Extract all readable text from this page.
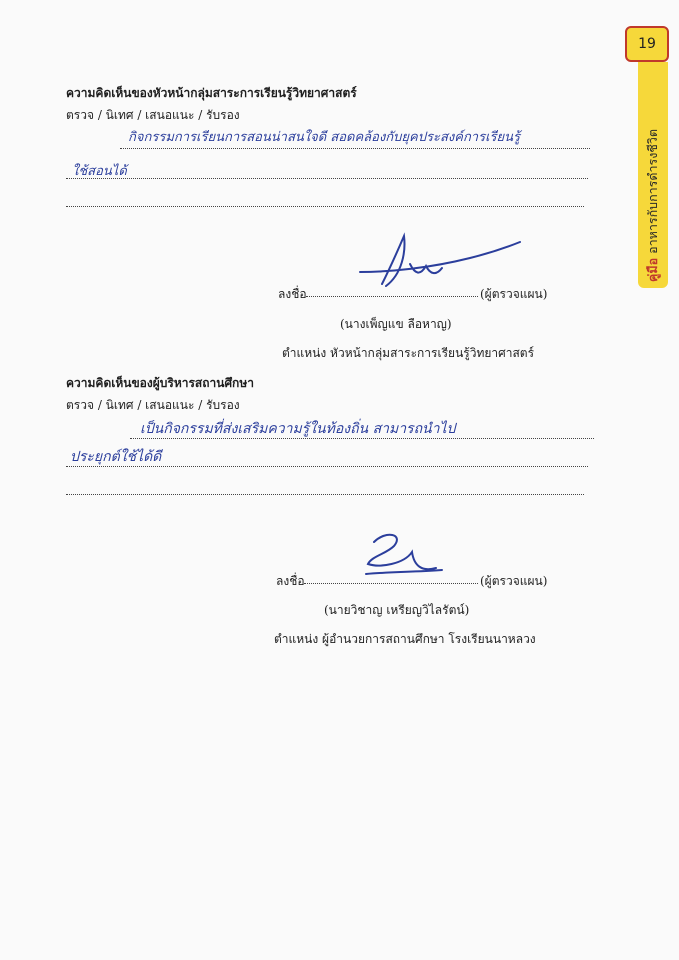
19
คู่มือ อาหารกับการดำรงชีวิต
ความคิดเห็นของหัวหน้ากลุ่มสาระการเรียนรู้วิทยาศาสตร์
ตรวจ / นิเทศ / เสนอแนะ / รับรอง
กิจกรรมการเรียนการสอนน่าสนใจดี สอดคล้องกับยุคประสงค์การเรียนรู้
ใช้สอนได้
ลงชื่อ	(ผู้ตรวจแผน)
(นางเพ็ญแข ลือหาญ)
ตำแหน่ง หัวหน้ากลุ่มสาระการเรียนรู้วิทยาศาสตร์
ความคิดเห็นของผู้บริหารสถานศึกษา
ตรวจ / นิเทศ / เสนอแนะ / รับรอง
เป็นกิจกรรมที่ส่งเสริมความรู้ในท้องถิ่น สามารถนำไป
ประยุกต์ใช้ได้ดี
ลงชื่อ	(ผู้ตรวจแผน)
(นายวิชาญ เหรียญวิไลรัตน์)
ตำแหน่ง ผู้อำนวยการสถานศึกษา โรงเรียนนาหลวง
